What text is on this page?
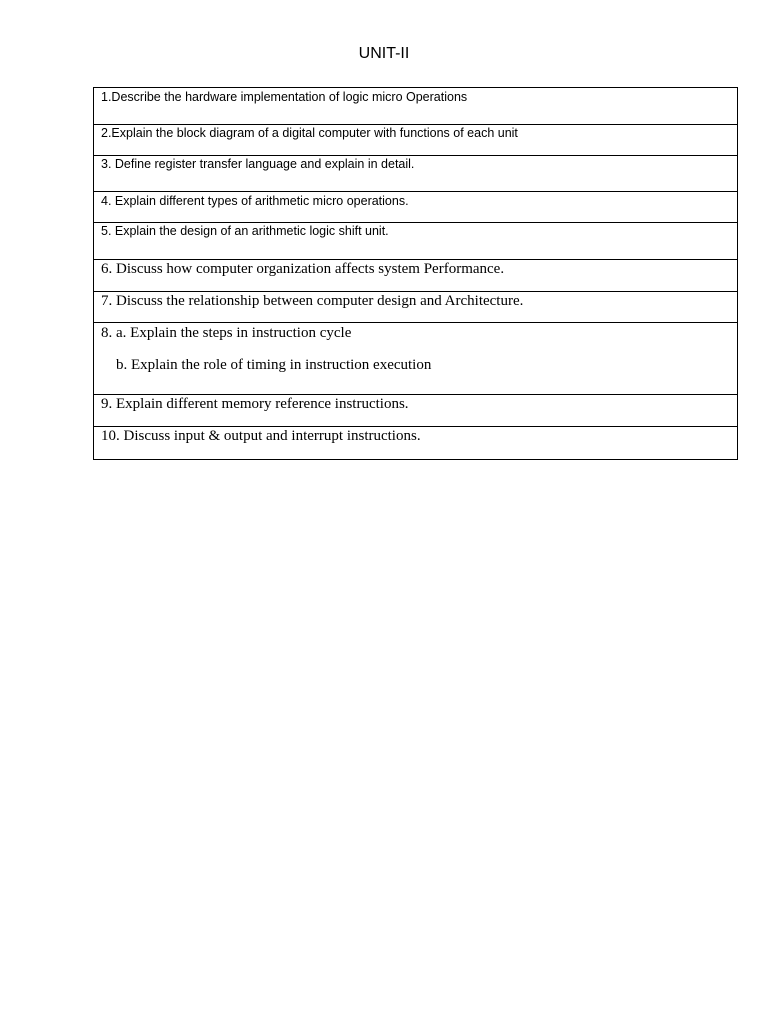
UNIT-II
1.Describe the hardware implementation of logic micro Operations

2.Explain the block diagram of a digital computer with functions of each unit

3. Define register transfer language and explain in detail.

4. Explain different types of arithmetic micro operations.

5. Explain the design of an arithmetic logic shift unit.

6. Discuss how computer organization affects system Performance.

7. Discuss the relationship between computer design and Architecture.

8. a. Explain the steps in instruction cycle
b. Explain the role of timing in instruction execution

9. Explain different memory reference instructions.

10. Discuss input & output and interrupt instructions.
